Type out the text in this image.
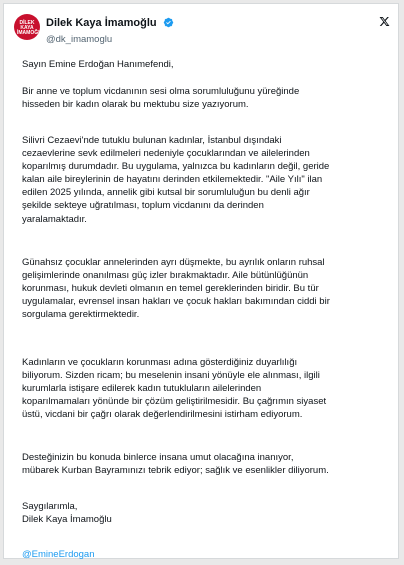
DİLEK KAYA İMAMOĞLU
Dilek Kaya İmamoğlu
@dk_imamoglu

Sayın Emine Erdoğan Hanımefendi,

Bir anne ve toplum vicdanının sesi olma sorumluluğunu yüreğinde
hisseden bir kadın olarak bu mektubu size yazıyorum.

Silivri Cezaevi'nde tutuklu bulunan kadınlar, İstanbul dışındaki
cezaevlerine sevk edilmeleri nedeniyle çocuklarından ve ailelerinden
koparılmış durumdadır. Bu uygulama, yalnızca bu kadınların değil, geride
kalan aile bireylerinin de hayatını derinden etkilemektedir. "Aile Yılı" ilan
edilen 2025 yılında, annelik gibi kutsal bir sorumluluğun bu denli ağır
şekilde sekteye uğratılması, toplum vicdanını da derinden
yaralamaktadır.

Günahsız çocuklar annelerinden ayrı düşmekte, bu ayrılık onların ruhsal
gelişimlerinde onanılması güç izler bırakmaktadır. Aile bütünlüğünün
korunması, hukuk devleti olmanın en temel gereklerinden biridir. Bu tür
uygulamalar, evrensel insan hakları ve çocuk hakları bakımından ciddi bir
sorgulama gerektirmektedir.

Kadınların ve çocukların korunması adına gösterdiğiniz duyarlılığı
biliyorum. Sizden ricam; bu meselenin insani yönüyle ele alınması, ilgili
kurumlarla istişare edilerek kadın tutukluların ailelerinden
koparılmamaları yönünde bir çözüm geliştirilmesidir. Bu çağrımın siyaset
üstü, vicdani bir çağrı olarak değerlendirilmesini istirham ediyorum.

Desteğinizin bu konuda binlerce insana umut olacağına inanıyor,
mübarek Kurban Bayramınızı tebrik ediyor; sağlık ve esenlikler diliyorum.

Saygılarımla,
Dilek Kaya İmamoğlu

@EmineErdogan
